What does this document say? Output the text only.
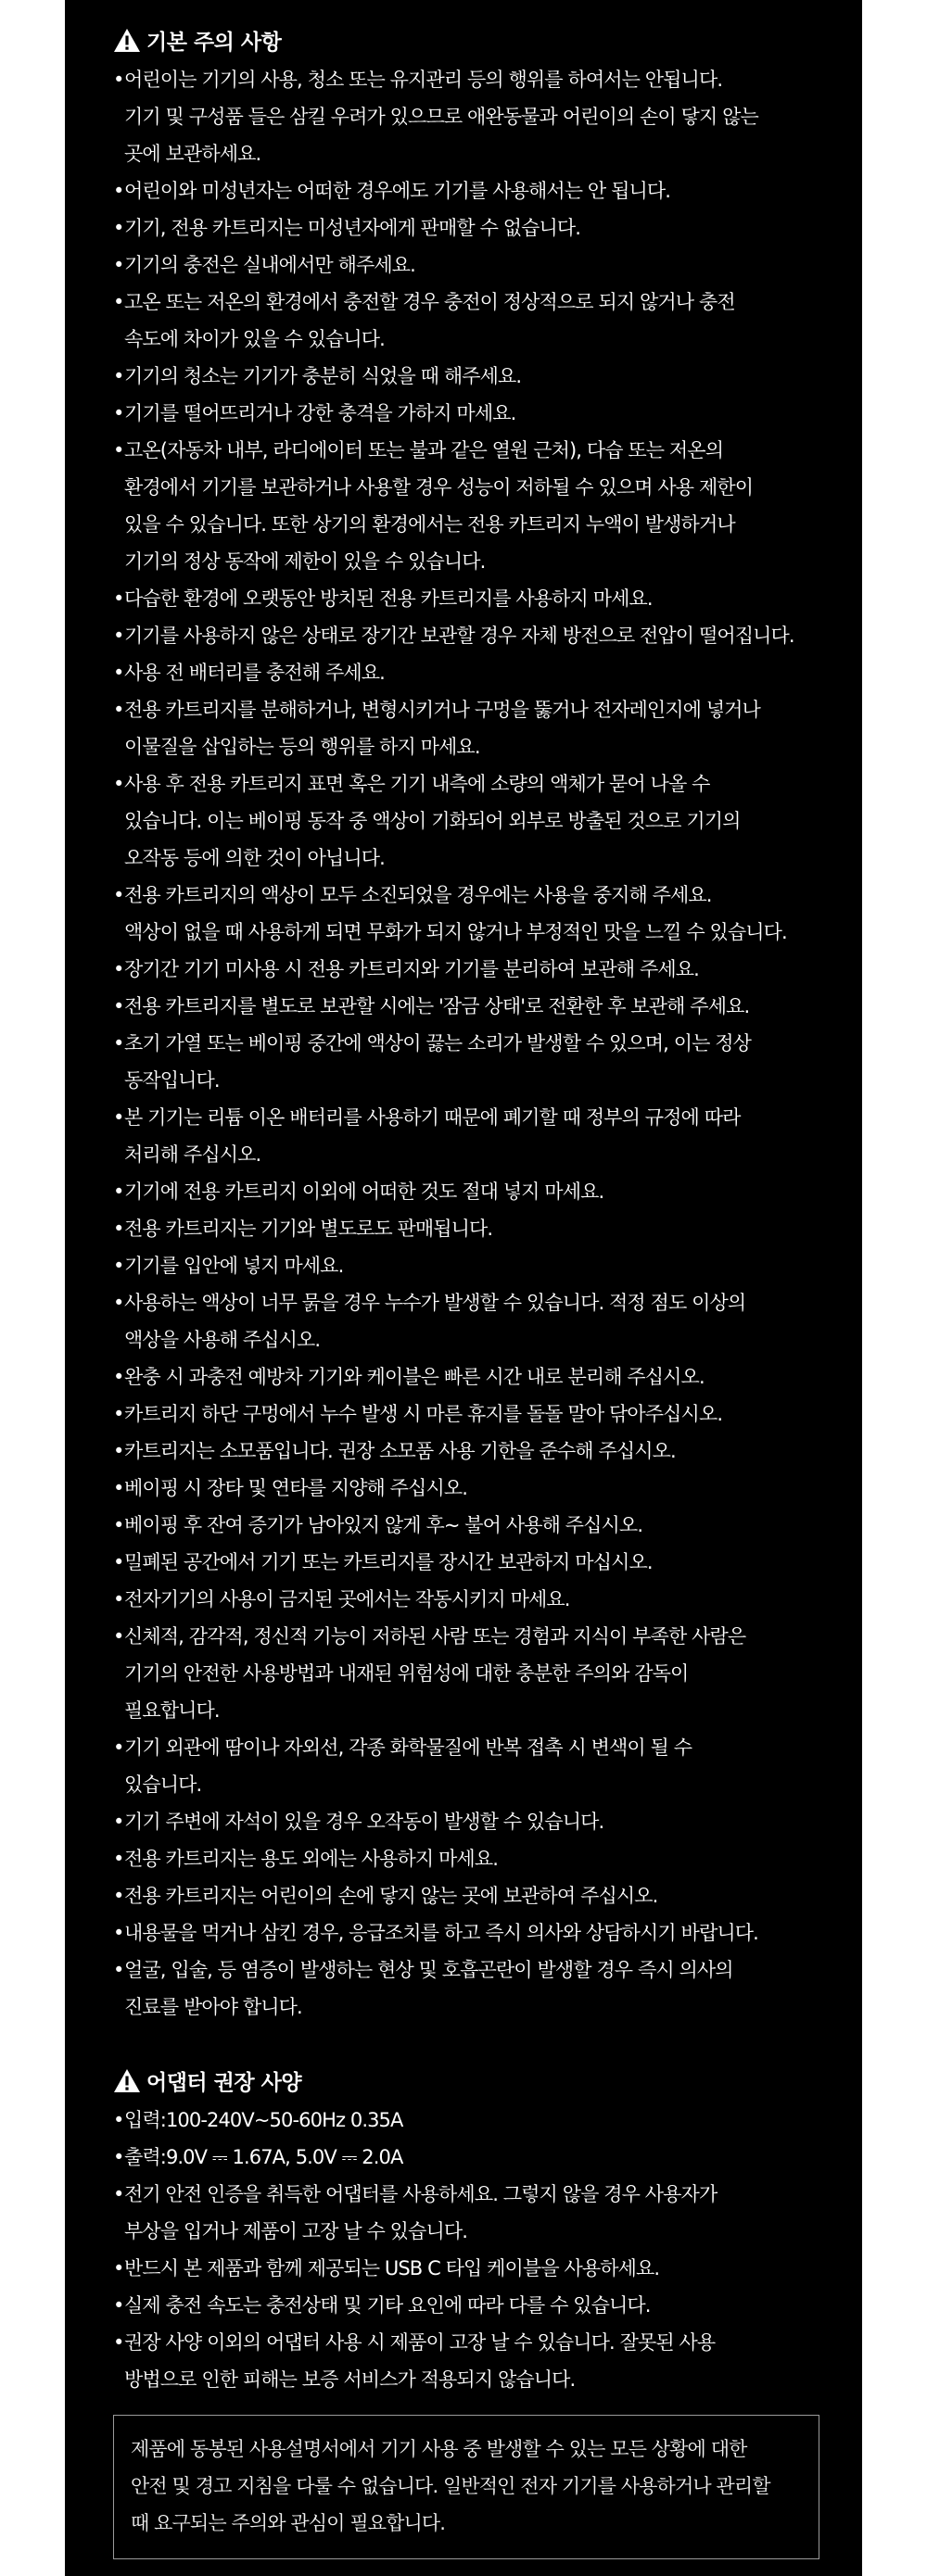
기본 주의 사항
• 어린이는 기기의 사용, 청소 또는 유지관리 등의 행위를 하여서는 안됩니다.
기기 및 구성품 들은 삼킬 우려가 있으므로 애완동물과 어린이의 손이 닿지 않는
곳에 보관하세요.
• 어린이와 미성년자는 어떠한 경우에도 기기를 사용해서는 안 됩니다.
• 기기, 전용 카트리지는 미성년자에게 판매할 수 없습니다.
• 기기의 충전은 실내에서만 해주세요.
• 고온 또는 저온의 환경에서 충전할 경우 충전이 정상적으로 되지 않거나 충전
속도에 차이가 있을 수 있습니다.
• 기기의 청소는 기기가 충분히 식었을 때 해주세요.
• 기기를 떨어뜨리거나 강한 충격을 가하지 마세요.
• 고온(자동차 내부, 라디에이터 또는 불과 같은 열원 근처), 다습 또는 저온의
환경에서 기기를 보관하거나 사용할 경우 성능이 저하될 수 있으며 사용 제한이
있을 수 있습니다. 또한 상기의 환경에서는 전용 카트리지 누액이 발생하거나
기기의 정상 동작에 제한이 있을 수 있습니다.
• 다습한 환경에 오랫동안 방치된 전용 카트리지를 사용하지 마세요.
• 기기를 사용하지 않은 상태로 장기간 보관할 경우 자체 방전으로 전압이 떨어집니다.
• 사용 전 배터리를 충전해 주세요.
• 전용 카트리지를 분해하거나, 변형시키거나 구멍을 뚫거나 전자레인지에 넣거나
이물질을 삽입하는 등의 행위를 하지 마세요.
• 사용 후 전용 카트리지 표면 혹은 기기 내측에 소량의 액체가 묻어 나올 수
있습니다. 이는 베이핑 동작 중 액상이 기화되어 외부로 방출된 것으로 기기의
오작동 등에 의한 것이 아닙니다.
• 전용 카트리지의 액상이 모두 소진되었을 경우에는 사용을 중지해 주세요.
액상이 없을 때 사용하게 되면 무화가 되지 않거나 부정적인 맛을 느낄 수 있습니다.
• 장기간 기기 미사용 시 전용 카트리지와 기기를 분리하여 보관해 주세요.
• 전용 카트리지를 별도로 보관할 시에는 '잠금 상태'로 전환한 후 보관해 주세요.
• 초기 가열 또는 베이핑 중간에 액상이 끓는 소리가 발생할 수 있으며, 이는 정상
동작입니다.
• 본 기기는 리튬 이온 배터리를 사용하기 때문에 폐기할 때 정부의 규정에 따라
처리해 주십시오.
• 기기에 전용 카트리지 이외에 어떠한 것도 절대 넣지 마세요.
• 전용 카트리지는 기기와 별도로도 판매됩니다.
• 기기를 입안에 넣지 마세요.
• 사용하는 액상이 너무 묽을 경우 누수가 발생할 수 있습니다. 적정 점도 이상의
액상을 사용해 주십시오.
• 완충 시 과충전 예방차 기기와 케이블은 빠른 시간 내로 분리해 주십시오.
• 카트리지 하단 구멍에서 누수 발생 시 마른 휴지를 돌돌 말아 닦아주십시오.
• 카트리지는 소모품입니다. 권장 소모품 사용 기한을 준수해 주십시오.
• 베이핑 시 장타 및 연타를 지양해 주십시오.
• 베이핑 후 잔여 증기가 남아있지 않게 후~ 불어 사용해 주십시오.
• 밀폐된 공간에서 기기 또는 카트리지를 장시간 보관하지 마십시오.
• 전자기기의 사용이 금지된 곳에서는 작동시키지 마세요.
• 신체적, 감각적, 정신적 기능이 저하된 사람 또는 경험과 지식이 부족한 사람은
기기의 안전한 사용방법과 내재된 위험성에 대한 충분한 주의와 감독이
필요합니다.
• 기기 외관에 땀이나 자외선, 각종 화학물질에 반복 접촉 시 변색이 될 수
있습니다.
• 기기 주변에 자석이 있을 경우 오작동이 발생할 수 있습니다.
• 전용 카트리지는 용도 외에는 사용하지 마세요.
• 전용 카트리지는 어린이의 손에 닿지 않는 곳에 보관하여 주십시오.
• 내용물을 먹거나 삼킨 경우, 응급조치를 하고 즉시 의사와 상담하시기 바랍니다.
• 얼굴, 입술, 등 염증이 발생하는 현상 및 호흡곤란이 발생할 경우 즉시 의사의
진료를 받아야 합니다.
어댑터 권장 사양
• 입력:100-240V~50-60Hz 0.35A
• 출력:9.0V ⎓ 1.67A, 5.0V ⎓ 2.0A
• 전기 안전 인증을 취득한 어댑터를 사용하세요. 그렇지 않을 경우 사용자가
부상을 입거나 제품이 고장 날 수 있습니다.
• 반드시 본 제품과 함께 제공되는 USB C 타입 케이블을 사용하세요.
• 실제 충전 속도는 충전상태 및 기타 요인에 따라 다를 수 있습니다.
• 권장 사양 이외의 어댑터 사용 시 제품이 고장 날 수 있습니다. 잘못된 사용
방법으로 인한 피해는 보증 서비스가 적용되지 않습니다.
제품에 동봉된 사용설명서에서 기기 사용 중 발생할 수 있는 모든 상황에 대한
안전 및 경고 지침을 다룰 수 없습니다. 일반적인 전자 기기를 사용하거나 관리할
때 요구되는 주의와 관심이 필요합니다.
